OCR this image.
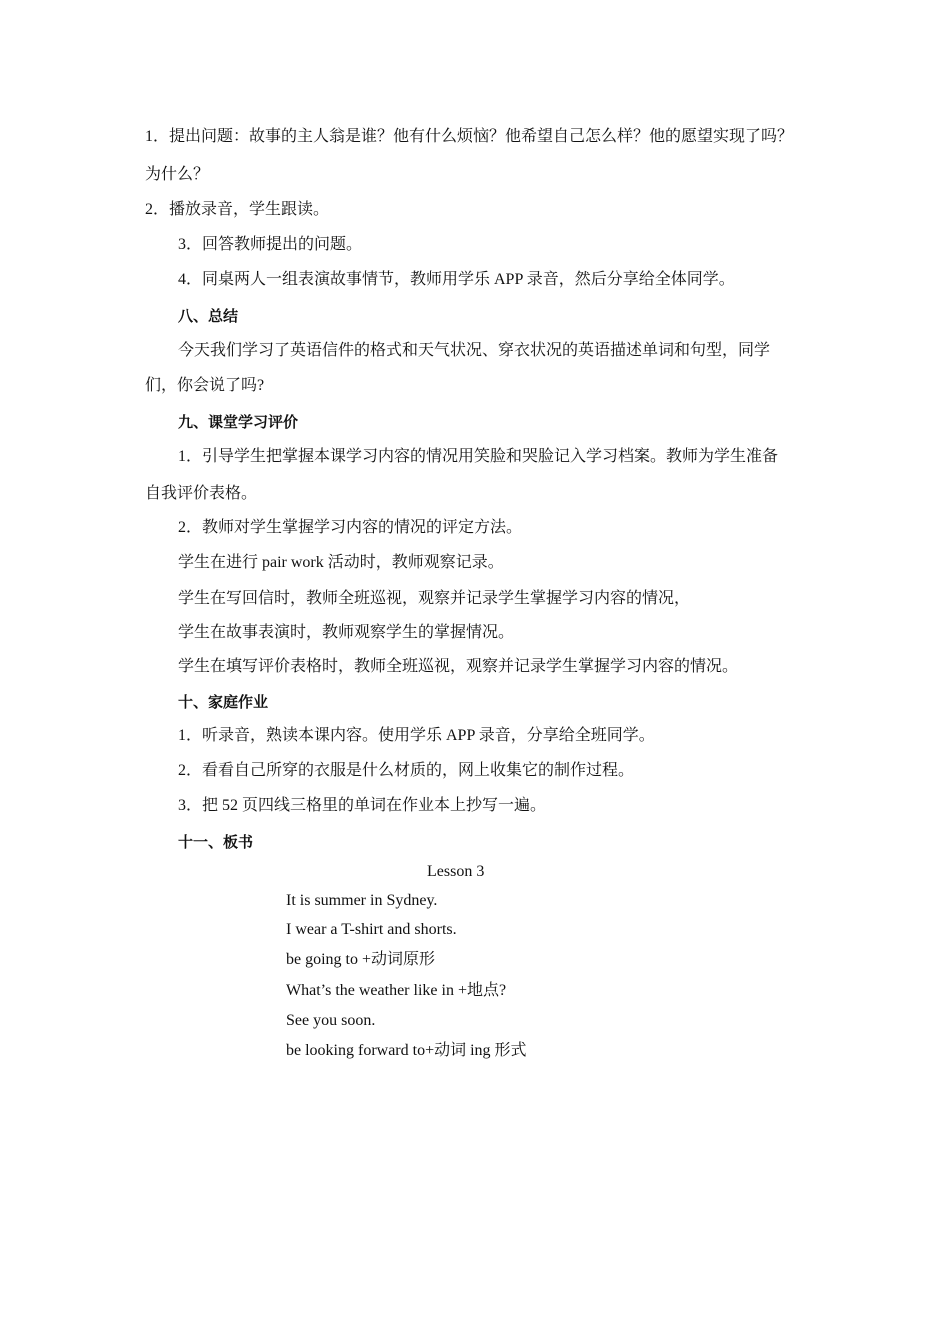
1．提出问题：故事的主人翁是谁？他有什么烦恼？他希望自己怎么样？他的愿望实现了吗？
为什么？
2．播放录音，学生跟读。
3．回答教师提出的问题。
4．同桌两人一组表演故事情节，教师用学乐 APP 录音，然后分享给全体同学。
八、总结
今天我们学习了英语信件的格式和天气状况、穿衣状况的英语描述单词和句型，同学
们，你会说了吗?
九、课堂学习评价
1．引导学生把掌握本课学习内容的情况用笑脸和哭脸记入学习档案。教师为学生准备
自我评价表格。
2．教师对学生掌握学习内容的情况的评定方法。
学生在进行 pair work 活动时，教师观察记录。
学生在写回信时，教师全班巡视，观察并记录学生掌握学习内容的情况，
学生在故事表演时，教师观察学生的掌握情况。
学生在填写评价表格时，教师全班巡视，观察并记录学生掌握学习内容的情况。
十、家庭作业
1．听录音，熟读本课内容。使用学乐 APP 录音，分享给全班同学。
2．看看自己所穿的衣服是什么材质的，网上收集它的制作过程。
3．把 52 页四线三格里的单词在作业本上抄写一遍。
十一、板书
Lesson 3
It is summer in Sydney.
I wear a T-shirt and shorts.
be going to +动词原形
What’s the weather like in +地点?
See you soon.
be looking forward to+动词 ing 形式
